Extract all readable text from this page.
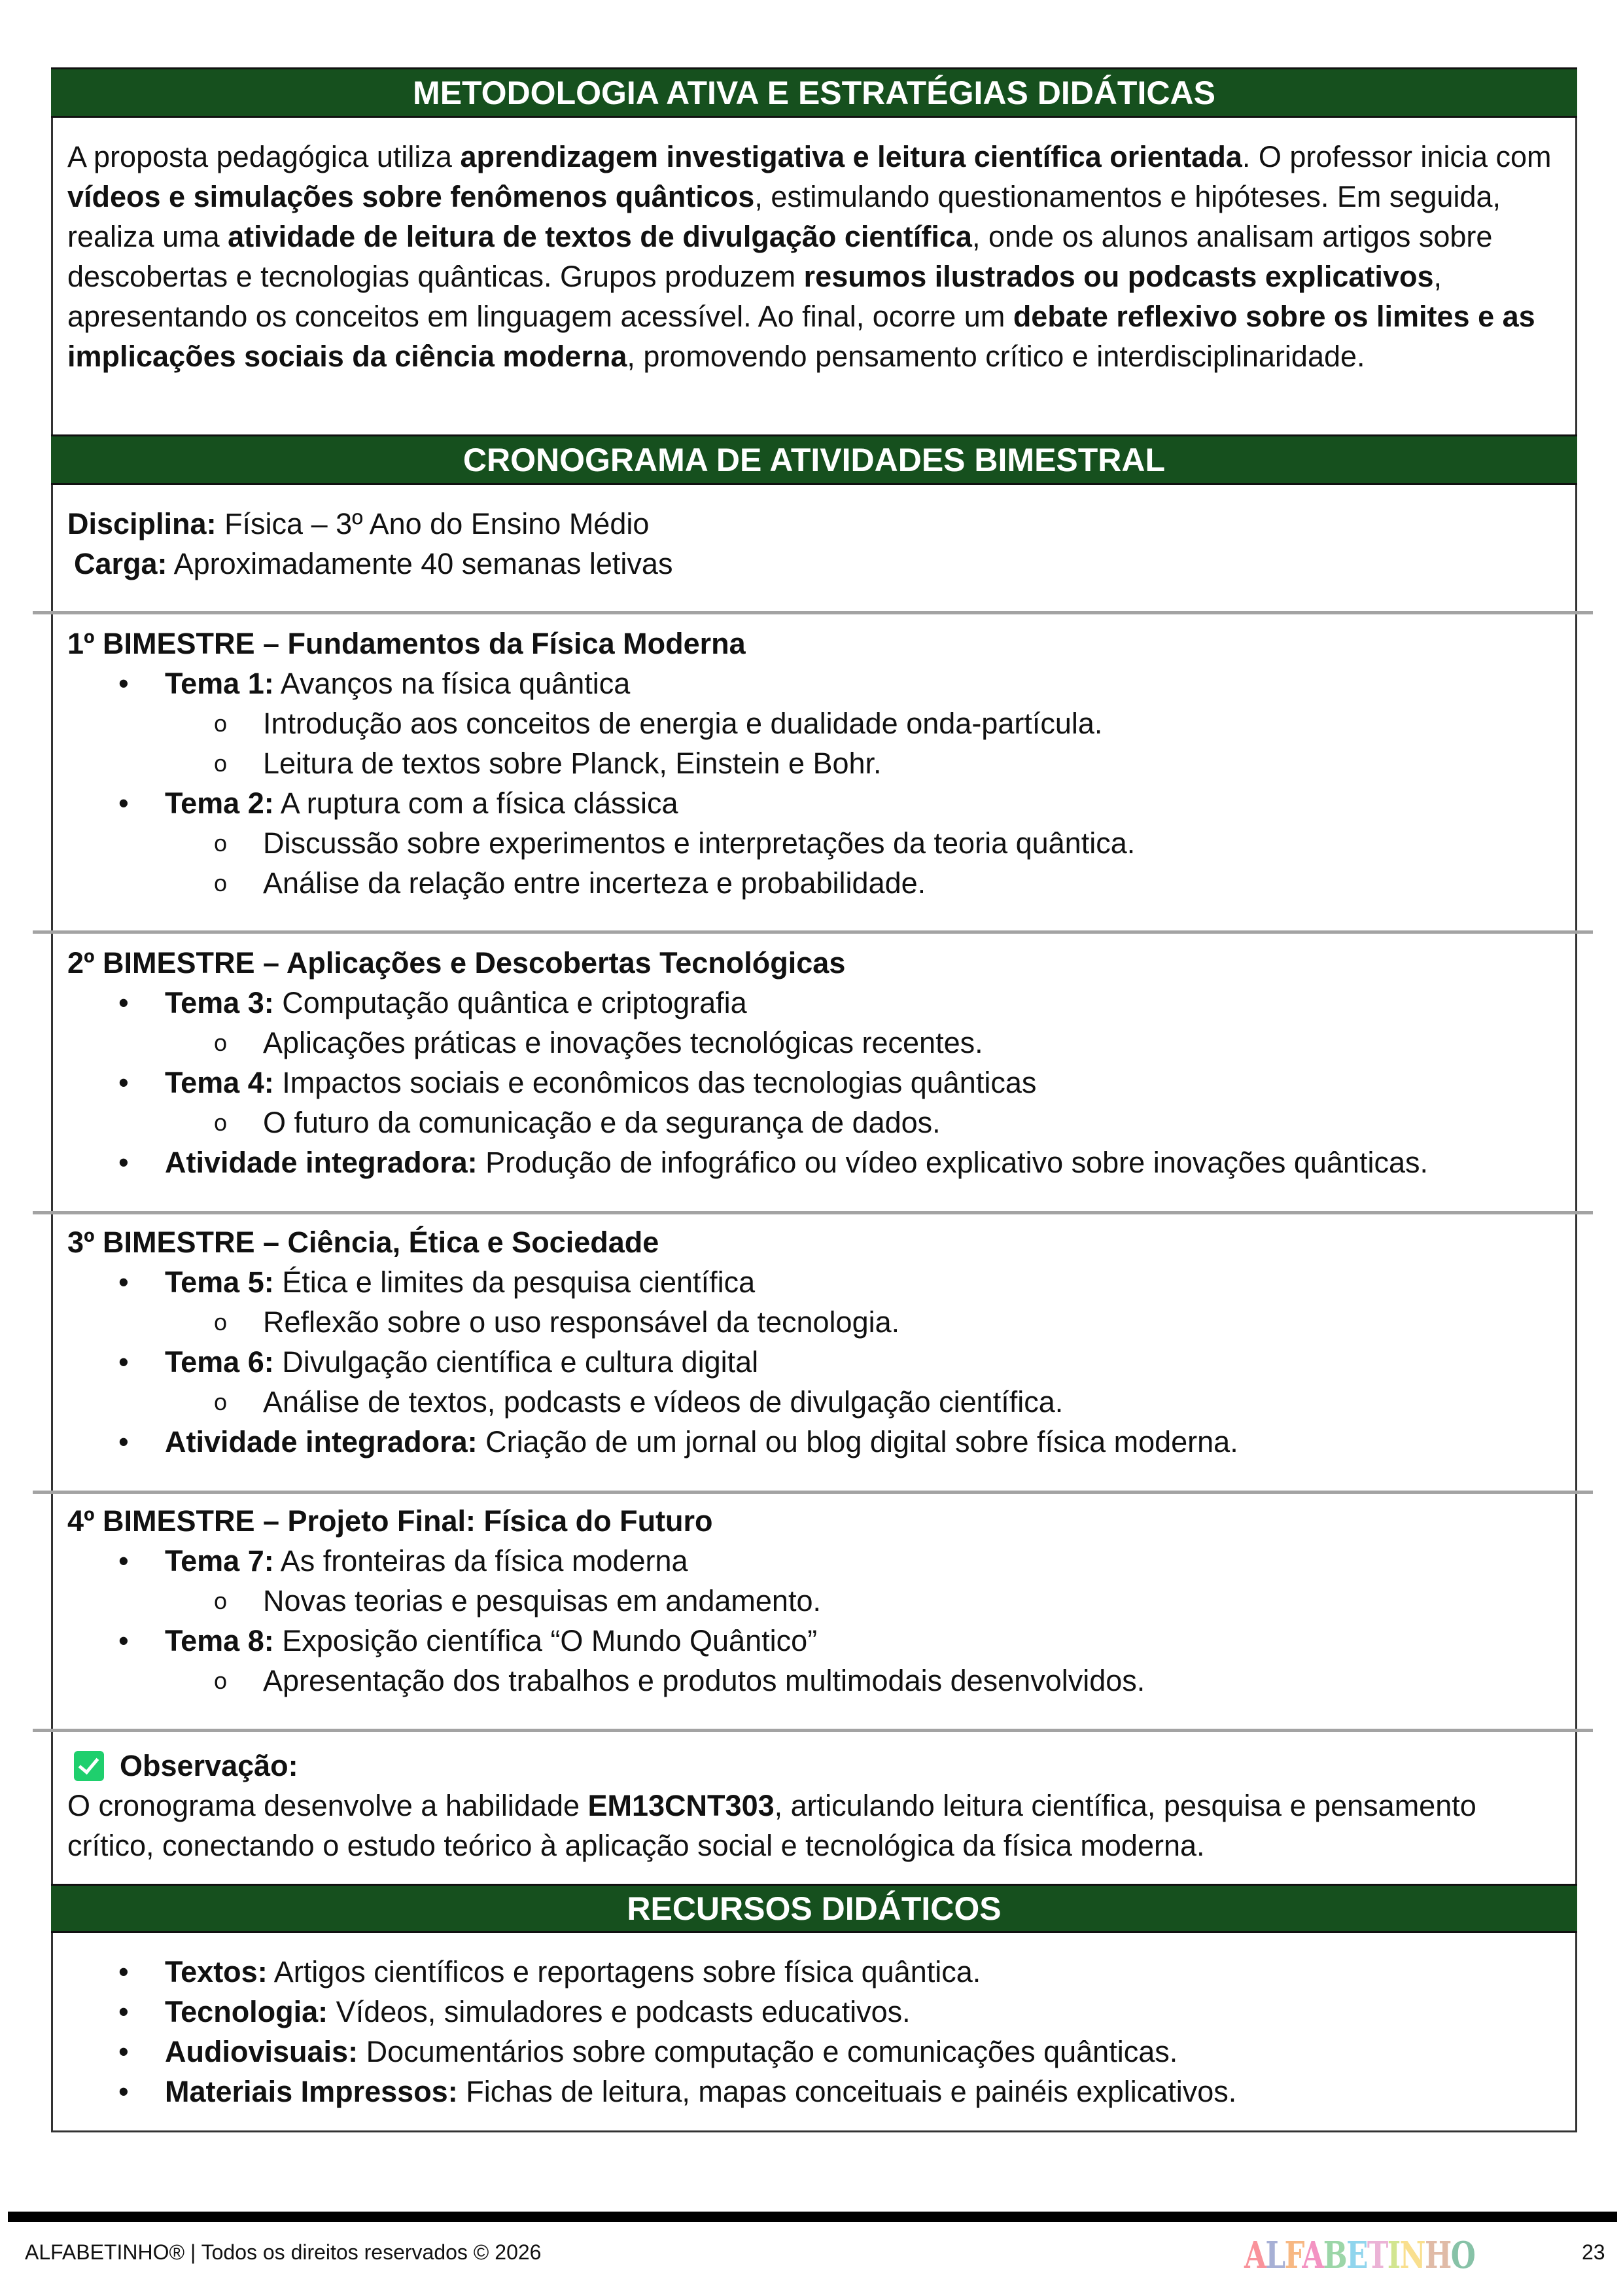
METODOLOGIA ATIVA E ESTRATÉGIAS DIDÁTICAS
A proposta pedagógica utiliza aprendizagem investigativa e leitura científica orientada. O professor inicia com vídeos e simulações sobre fenômenos quânticos, estimulando questionamentos e hipóteses. Em seguida, realiza uma atividade de leitura de textos de divulgação científica, onde os alunos analisam artigos sobre descobertas e tecnologias quânticas. Grupos produzem resumos ilustrados ou podcasts explicativos, apresentando os conceitos em linguagem acessível. Ao final, ocorre um debate reflexivo sobre os limites e as implicações sociais da ciência moderna, promovendo pensamento crítico e interdisciplinaridade.
CRONOGRAMA DE ATIVIDADES BIMESTRAL
Disciplina: Física – 3º Ano do Ensino Médio
Carga: Aproximadamente 40 semanas letivas
1º BIMESTRE – Fundamentos da Física Moderna
• Tema 1: Avanços na física quântica
o Introdução aos conceitos de energia e dualidade onda-partícula.
o Leitura de textos sobre Planck, Einstein e Bohr.
• Tema 2: A ruptura com a física clássica
o Discussão sobre experimentos e interpretações da teoria quântica.
o Análise da relação entre incerteza e probabilidade.
2º BIMESTRE – Aplicações e Descobertas Tecnológicas
• Tema 3: Computação quântica e criptografia
o Aplicações práticas e inovações tecnológicas recentes.
• Tema 4: Impactos sociais e econômicos das tecnologias quânticas
o O futuro da comunicação e da segurança de dados.
• Atividade integradora: Produção de infográfico ou vídeo explicativo sobre inovações quânticas.
3º BIMESTRE – Ciência, Ética e Sociedade
• Tema 5: Ética e limites da pesquisa científica
o Reflexão sobre o uso responsável da tecnologia.
• Tema 6: Divulgação científica e cultura digital
o Análise de textos, podcasts e vídeos de divulgação científica.
• Atividade integradora: Criação de um jornal ou blog digital sobre física moderna.
4º BIMESTRE – Projeto Final: Física do Futuro
• Tema 7: As fronteiras da física moderna
o Novas teorias e pesquisas em andamento.
• Tema 8: Exposição científica “O Mundo Quântico”
o Apresentação dos trabalhos e produtos multimodais desenvolvidos.
Observação:
O cronograma desenvolve a habilidade EM13CNT303, articulando leitura científica, pesquisa e pensamento crítico, conectando o estudo teórico à aplicação social e tecnológica da física moderna.
RECURSOS DIDÁTICOS
• Textos: Artigos científicos e reportagens sobre física quântica.
• Tecnologia: Vídeos, simuladores e podcasts educativos.
• Audiovisuais: Documentários sobre computação e comunicações quânticas.
• Materiais Impressos: Fichas de leitura, mapas conceituais e painéis explicativos.
ALFABETINHO® | Todos os direitos reservados © 2026	ALFABETINHO	23
